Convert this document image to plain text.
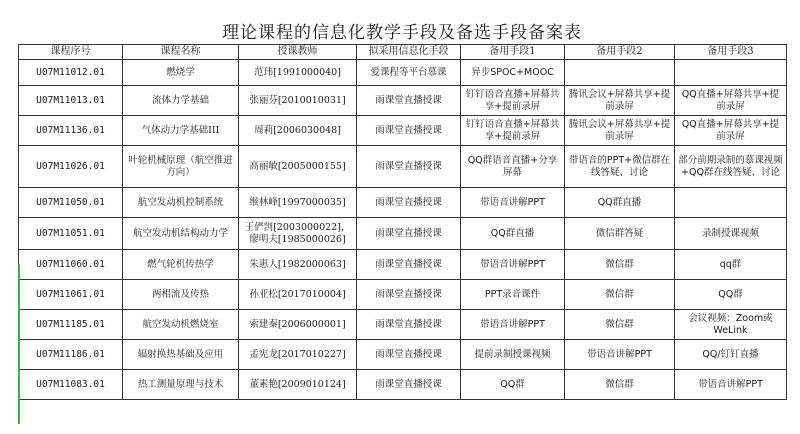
理论课程的信息化教学手段及备选手段备案表
课程序号	课程名称	授课教师	拟采用信息化手段	备用手段1	备用手段2	备用手段3
U07M11012.01	燃烧学	范玮[1991000040]	爱课程等平台慕课	异步SPOC+MOOC		
U07M11013.01	流体力学基础	张丽芬[2010010031]	雨课堂直播授课	钉钉语音直播+屏幕共享+提前录屏	腾讯会议+屏幕共享+提前录屏	QQ直播+屏幕共享+提前录屏
U07M11136.01	气体动力学基础III	周莉[2006030048]	雨课堂直播授课	钉钉语音直播+屏幕共享+提前录屏	腾讯会议+屏幕共享+提前录屏	QQ直播+屏幕共享+提前录屏
U07M11026.01	叶轮机械原理（航空推进方向）	高丽敏[2005000155]	雨课堂直播授课	QQ群语音直播+分享屏幕	带语音的PPT+微信群在线答疑、讨论	部分前期录制的慕课视频+QQ群在线答疑、讨论
U07M11050.01	航空发动机控制系统	缑林峰[1997000035]	雨课堂直播授课	带语音讲解PPT	QQ群直播	
U07M11051.01	航空发动机结构动力学	王俨剀[2003000022]，廖明夫[1985000026]	雨课堂直播授课	QQ群直播	微信群答疑	录制授课视频
U07M11060.01	燃气轮机传热学	朱惠人[1982000063]	雨课堂直播授课	带语音讲解PPT	微信群	qq群
U07M11061.01	两相流及传热	孙亚松[2017010004]	雨课堂直播授课	PPT录音课件	微信群	QQ群
U07M11185.01	航空发动机燃烧室	索建秦[2006000001]	雨课堂直播授课	带语音讲解PPT	微信群	会议视频：Zoom或WeLink
U07M11186.01	辐射换热基础及应用	孟宪龙[2017010227]	雨课堂直播授课	提前录制授课视频	带语音讲解PPT	QQ/钉钉直播
U07M11083.01	热工测量原理与技术	董素艳[2009010124]	雨课堂直播授课	QQ群	微信群	带语音讲解PPT
